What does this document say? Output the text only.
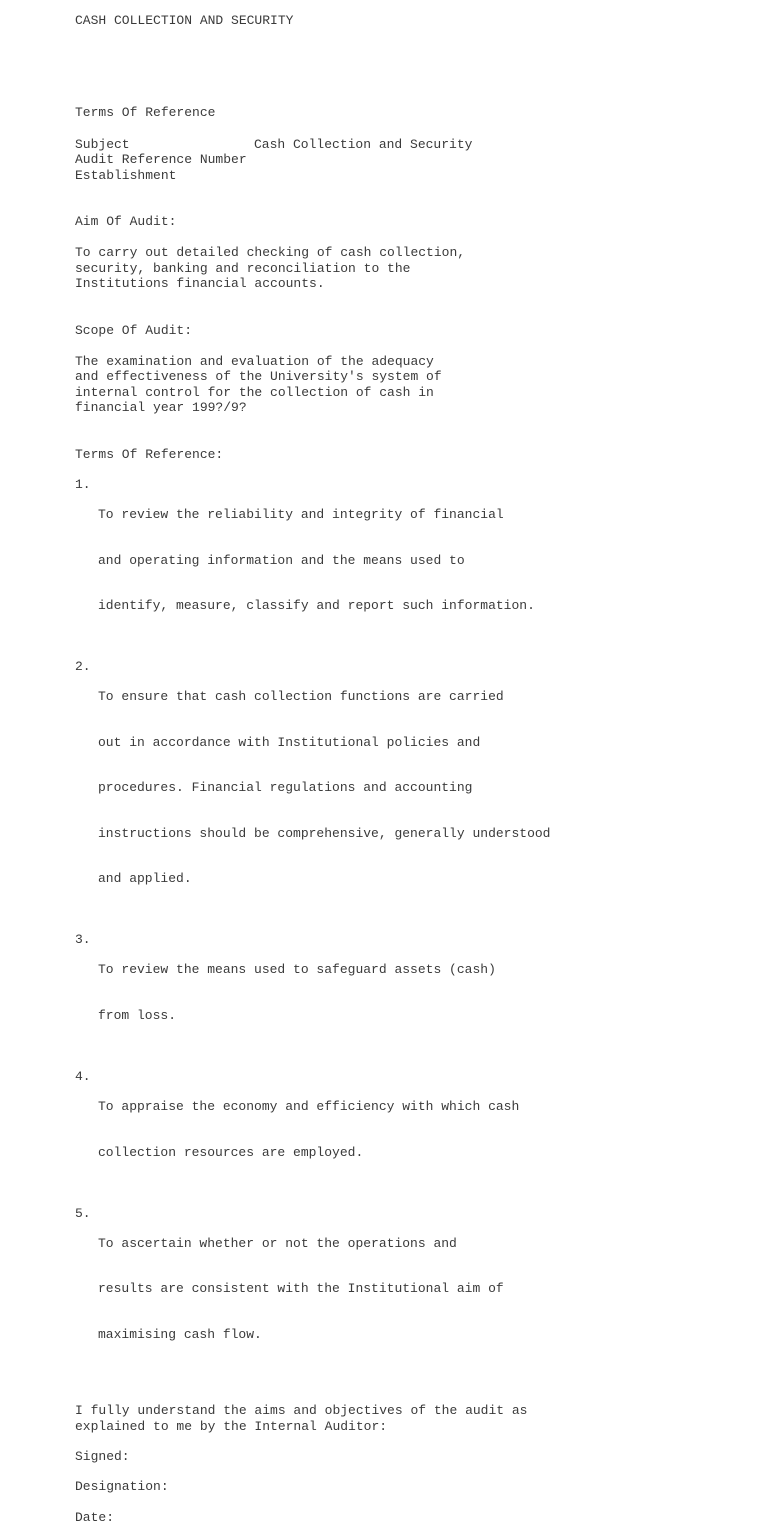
CASH COLLECTION AND SECURITY
Terms Of Reference
Subject	Cash Collection and Security
Audit Reference Number
Establishment
Aim Of Audit:
To carry out detailed checking of cash collection,
security, banking and reconciliation to the
Institutions financial accounts.
Scope Of Audit:
The examination and evaluation of the adequacy
and effectiveness of the University's system of
internal control for the collection of cash in
financial year 199?/9?
Terms Of Reference:
1.

To review the reliability and integrity of financial

and operating information and the means used to

identify, measure, classify and report such information.

2.

To ensure that cash collection functions are carried

out in accordance with Institutional policies and

procedures. Financial regulations and accounting

instructions should be comprehensive, generally understood

and applied.

3.

To review the means used to safeguard assets (cash)

from loss.

4.

To appraise the economy and efficiency with which cash

collection resources are employed.

5.

To ascertain whether or not the operations and

results are consistent with the Institutional aim of

maximising cash flow.

I fully understand the aims and objectives of the audit as
explained to me by the Internal Auditor:
Signed:
Designation:
Date:
